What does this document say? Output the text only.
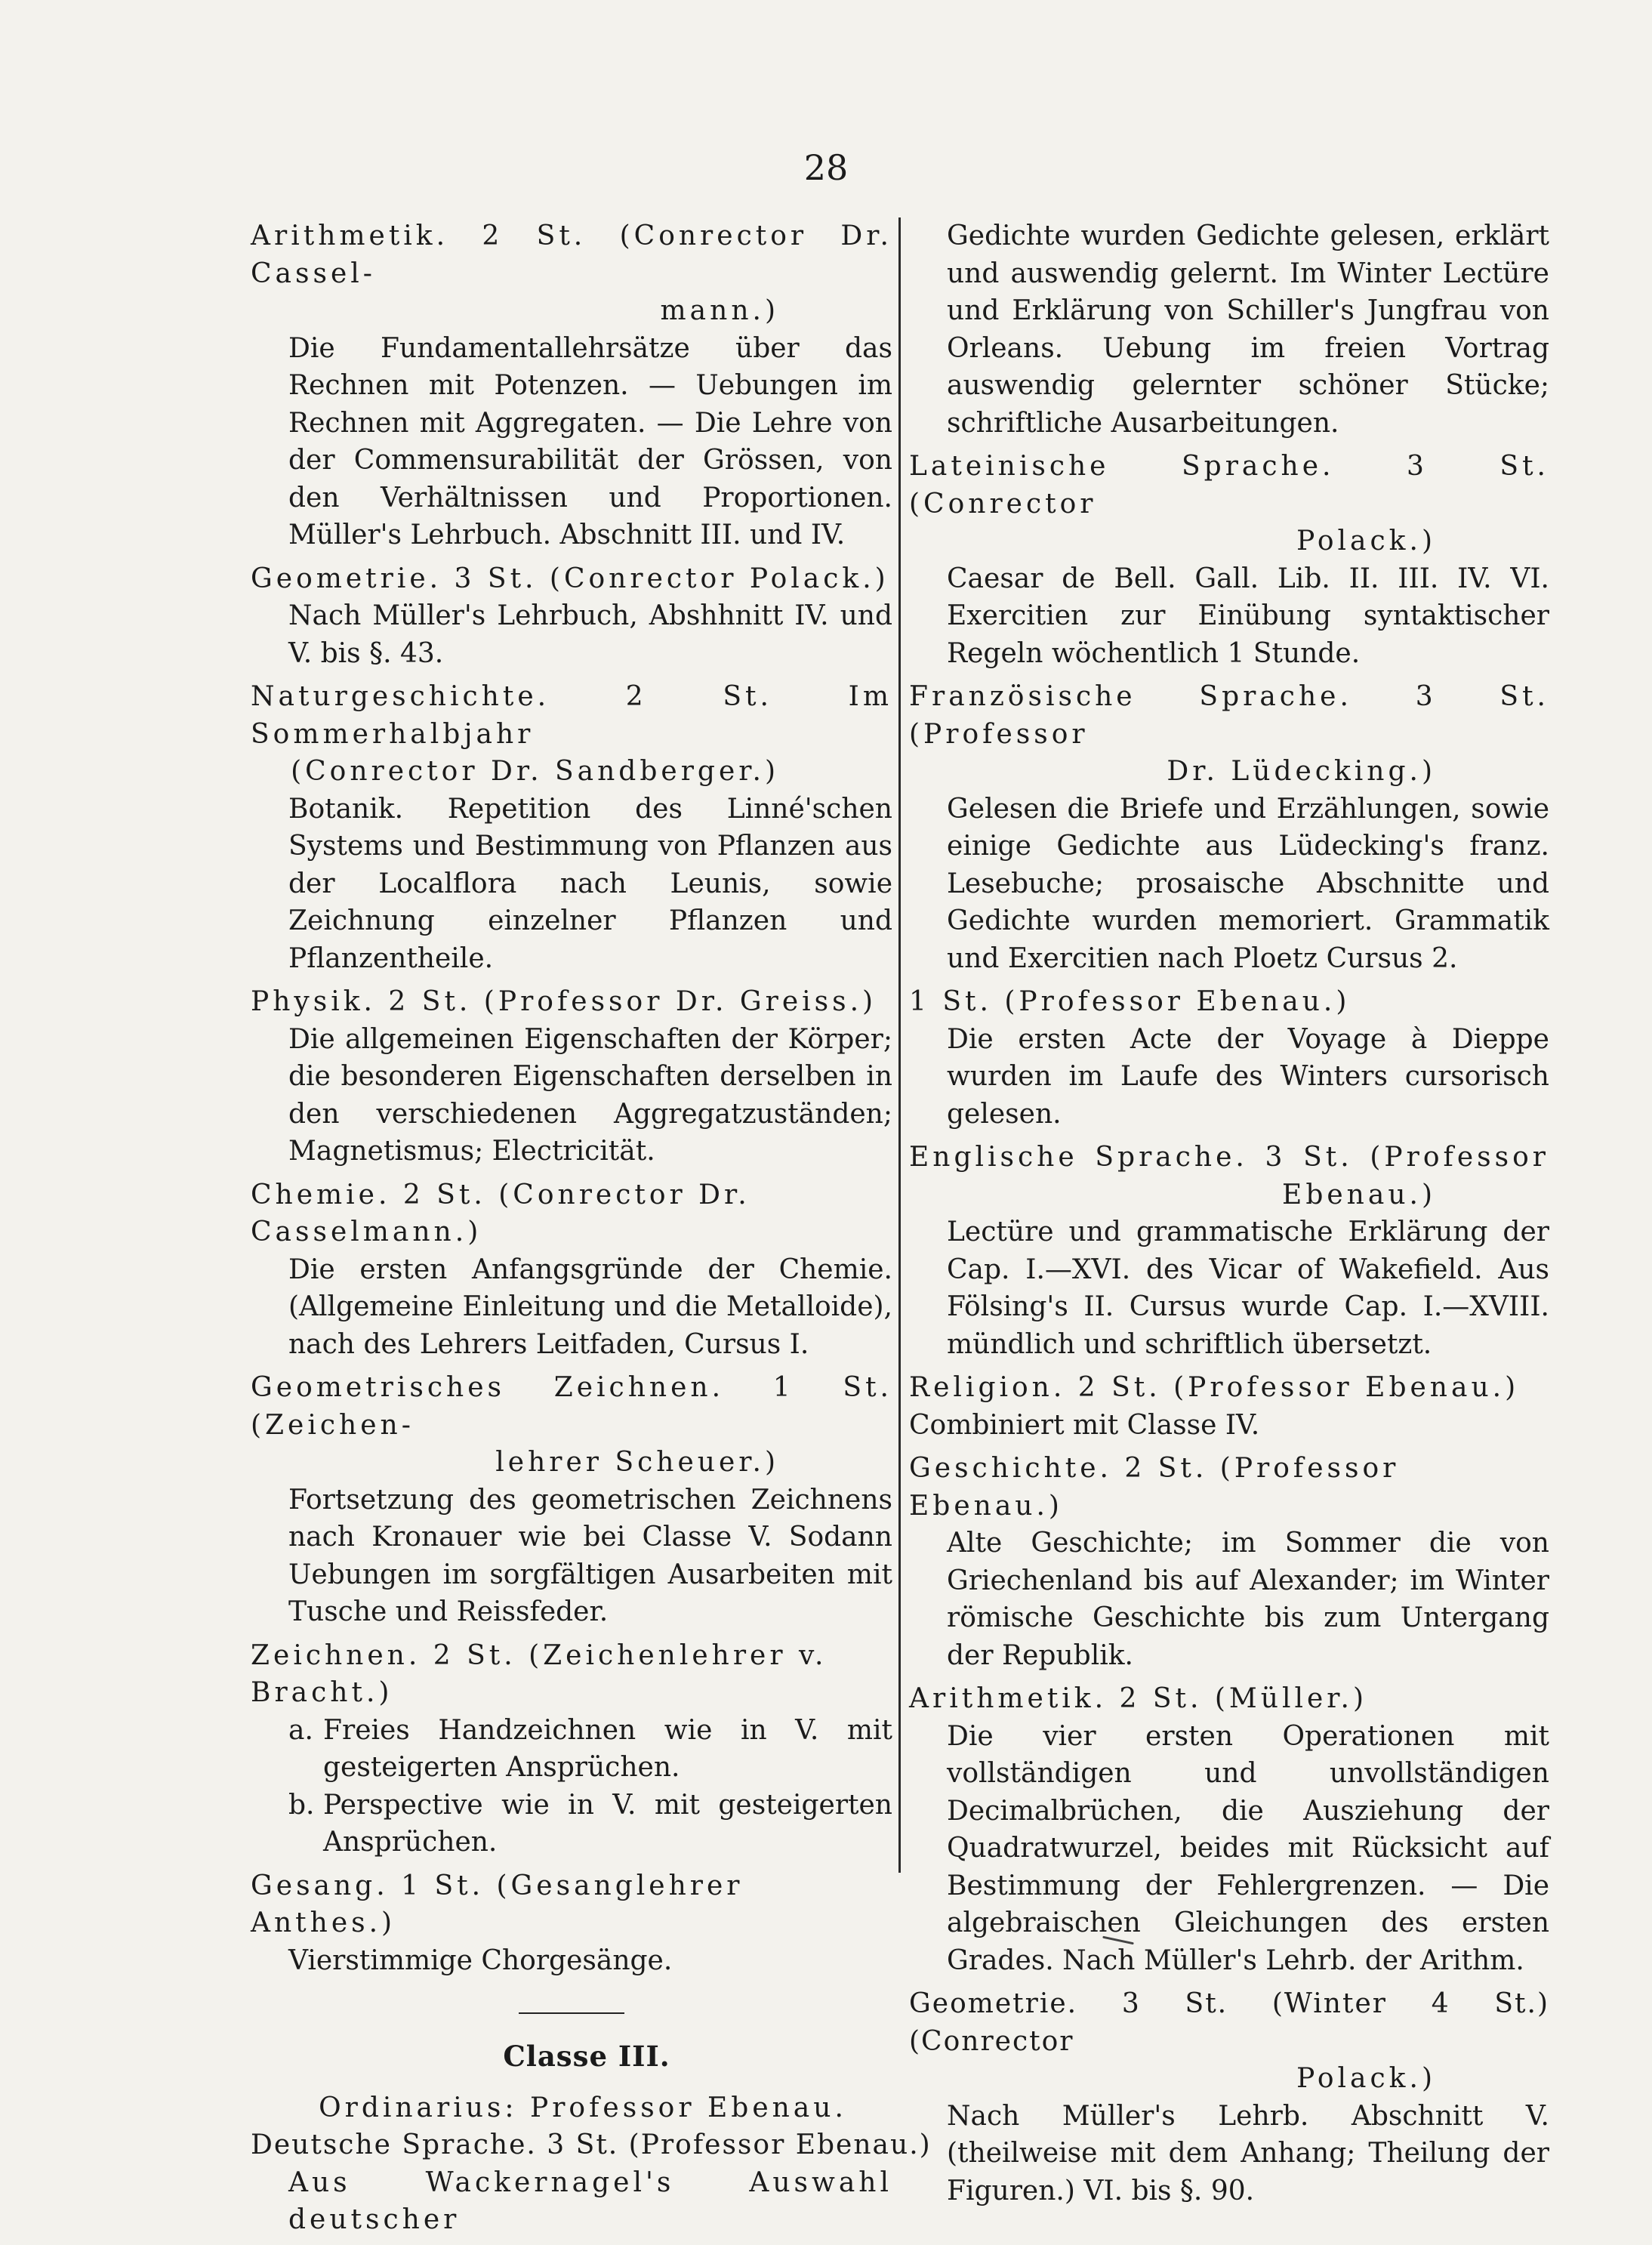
28
Arithmetik. 2 St. (Conrector Dr. Cassel-
mann.)
Die Fundamentallehrsätze über das Rechnen mit Potenzen. — Uebungen im Rechnen mit Aggregaten. — Die Lehre von der Commensurabilität der Grössen, von den Verhältnissen und Proportionen. Müller's Lehrbuch. Abschnitt III. und IV.
Geometrie. 3 St. (Conrector Polack.)
Nach Müller's Lehrbuch, Abshhnitt IV. und V. bis §. 43.
Naturgeschichte. 2 St. Im Sommerhalbjahr
(Conrector Dr. Sandberger.)
Botanik. Repetition des Linné'schen Systems und Bestimmung von Pflanzen aus der Localflora nach Leunis, sowie Zeichnung einzelner Pflanzen und Pflanzentheile.
Physik. 2 St. (Professor Dr. Greiss.)
Die allgemeinen Eigenschaften der Körper; die besonderen Eigenschaften derselben in den verschiedenen Aggregatzuständen; Magnetismus; Electricität.
Chemie. 2 St. (Conrector Dr. Casselmann.)
Die ersten Anfangsgründe der Chemie. (Allgemeine Einleitung und die Metalloide), nach des Lehrers Leitfaden, Cursus I.
Geometrisches Zeichnen. 1 St. (Zeichen-
lehrer Scheuer.)
Fortsetzung des geometrischen Zeichnens nach Kronauer wie bei Classe V. Sodann Uebungen im sorgfältigen Ausarbeiten mit Tusche und Reissfeder.
Zeichnen. 2 St. (Zeichenlehrer v. Bracht.)
a. Freies Handzeichnen wie in V. mit gesteigerten Ansprüchen.
b. Perspective wie in V. mit gesteigerten Ansprüchen.
Gesang. 1 St. (Gesanglehrer Anthes.)
Vierstimmige Chorgesänge.
Classe III.
Ordinarius: Professor Ebenau.
Deutsche Sprache. 3 St. (Professor Ebenau.)
Aus Wackernagel's Auswahl deutscher
Gedichte wurden Gedichte gelesen, erklärt und auswendig gelernt. Im Winter Lectüre und Erklärung von Schiller's Jungfrau von Orleans. Uebung im freien Vortrag auswendig gelernter schöner Stücke; schriftliche Ausarbeitungen.
Lateinische Sprache. 3 St. (Conrector
Polack.)
Caesar de Bell. Gall. Lib. II. III. IV. VI. Exercitien zur Einübung syntaktischer Regeln wöchentlich 1 Stunde.
Französische Sprache. 3 St. (Professor
Dr. Lüdecking.)
Gelesen die Briefe und Erzählungen, sowie einige Gedichte aus Lüdecking's franz. Lesebuche; prosaische Abschnitte und Gedichte wurden memoriert. Grammatik und Exercitien nach Ploetz Cursus 2.
1 St. (Professor Ebenau.)
Die ersten Acte der Voyage à Dieppe wurden im Laufe des Winters cursorisch gelesen.
Englische Sprache. 3 St. (Professor
Ebenau.)
Lectüre und grammatische Erklärung der Cap. I.—XVI. des Vicar of Wakefield. Aus Fölsing's II. Cursus wurde Cap. I.—XVIII. mündlich und schriftlich übersetzt.
Religion. 2 St. (Professor Ebenau.)
Combiniert mit Classe IV.
Geschichte. 2 St. (Professor Ebenau.)
Alte Geschichte; im Sommer die von Griechenland bis auf Alexander; im Winter römische Geschichte bis zum Untergang der Republik.
Arithmetik. 2 St. (Müller.)
Die vier ersten Operationen mit vollständigen und unvollständigen Decimalbrüchen, die Ausziehung der Quadratwurzel, beides mit Rücksicht auf Bestimmung der Fehlergrenzen. — Die algebraischen Gleichungen des ersten Grades. Nach Müller's Lehrb. der Arithm.
Geometrie. 3 St. (Winter 4 St.) (Conrector
Polack.)
Nach Müller's Lehrb. Abschnitt V. (theilweise mit dem Anhang; Theilung der Figuren.) VI. bis §. 90.
